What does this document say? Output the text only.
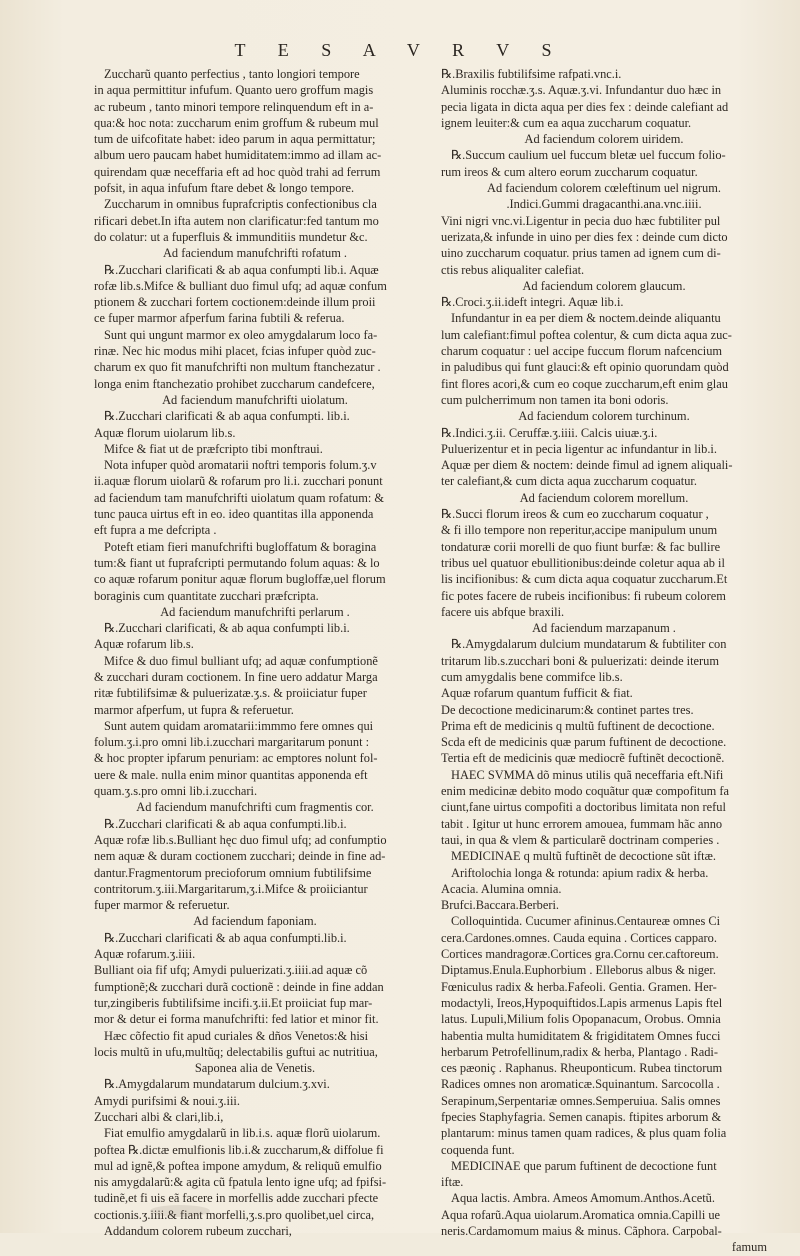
T E S A V R V S
Zuccharũ quanto perfectius , tanto longiori tempore
in aqua permittitur infufum. Quanto uero groffum magis
ac rubeum , tanto minori tempore relinquendum eft in a-
qua:& hoc nota: zuccharum enim groffum & rubeum mul
tum de uifcofitate habet: ideo parum in aqua permittatur;
album uero paucam habet humiditatem:immo ad illam ac-
quirendam quæ neceffaria eft ad hoc quòd trahi ad ferrum
pofsit, in aqua infufum ftare debet & longo tempore.
Zuccharum in omnibus fuprafcriptis confectionibus cla
rificari debet.In ifta autem non clarificatur:fed tantum mo
do colatur: ut a fuperfluis & immunditiis mundetur &c.
Ad faciendum manufchrifti rofatum .
℞.Zucchari clarificati & ab aqua confumpti lib.i. Aquæ
rofæ lib.s.Mifce & bulliant duo fimul ufq; ad aquæ confum
ptionem & zucchari fortem coctionem:deinde illum proii
ce fuper marmor afperfum farina fubtili & referua.
Sunt qui ungunt marmor ex oleo amygdalarum loco fa-
rinæ. Nec hic modus mihi placet, fcias infuper quòd zuc-
charum ex quo fit manufchrifti non multum ftanchezatur .
longa enim ftanchezatio prohibet zuccharum candefcere,
Ad faciendum manufchrifti uiolatum.
℞.Zucchari clarificati & ab aqua confumpti. lib.i.
Aquæ florum uiolarum lib.s.
Mifce & fiat ut de præfcripto tibi monftraui.
Nota infuper quòd aromatarii noftri temporis folum.ʒ.v
ii.aquæ florum uiolarũ & rofarum pro li.i. zucchari ponunt
ad faciendum tam manufchrifti uiolatum quam rofatum: &
tunc pauca uirtus eft in eo. ideo quantitas illa apponenda
eft fupra a me defcripta .
Poteft etiam fieri manufchrifti bugloffatum & boragina
tum:& fiant ut fuprafcripti permutando folum aquas: & lo
co aquæ rofarum ponitur aquæ florum bugloffæ,uel florum
boraginis cum quantitate zucchari præfcripta.
Ad faciendum manufchrifti perlarum .
℞.Zucchari clarificati, & ab aqua confumpti lib.i.
Aquæ rofarum lib.s.
Mifce & duo fimul bulliant ufq; ad aquæ confumptionẽ
& zucchari duram coctionem. In fine uero addatur Marga
ritæ fubtilifsimæ & puluerizatæ.ʒ.s. & proiiciatur fuper
marmor afperfum, ut fupra & referuetur.
Sunt autem quidam aromatarii:immmo fere omnes qui
folum.ʒ.i.pro omni lib.i.zucchari margaritarum ponunt :
& hoc propter ipfarum penuriam: ac emptores nolunt fol-
uere & male. nulla enim minor quantitas apponenda eft
quam.ʒ.s.pro omni lib.i.zucchari.
Ad faciendum manufchrifti cum fragmentis cor.
℞.Zucchari clarificati & ab aqua confumpti.lib.i.
Aquæ rofæ lib.s.Bulliant hęc duo fimul ufq; ad confumptio
nem aquæ & duram coctionem zucchari; deinde in fine ad-
dantur.Fragmentorum precioforum omnium fubtilifsime
contritorum.ʒ.iii.Margaritarum,ʒ.i.Mifce & proiiciantur
fuper marmor & referuetur.
Ad faciendum faponiam.
℞.Zucchari clarificati & ab aqua confumpti.lib.i.
Aquæ rofarum.ʒ.iiii.
Bulliant oia fif ufq; Amydi puluerizati.ʒ.iiii.ad aquæ cõ
fumptionẽ;& zucchari durã coctionẽ : deinde in fine addan
tur,zingiberis fubtilifsime incifi.ʒ.ii.Et proiiciat fup mar-
mor & detur ei forma manufchrifti: fed latior et minor fit.
Hæc cõfectio fit apud curiales & dños Venetos:& hisi
locis multũ in ufu,multũq; delectabilis guftui ac nutritiua,
Saponea alia de Venetis.
℞.Amygdalarum mundatarum dulcium.ʒ.xvi.
Amydi purifsimi & noui.ʒ.iii.
Zucchari albi & clari,lib.i,
Fiat emulfio amygdalarũ in lib.i.s. aquæ florũ uiolarum.
poftea ℞.dictæ emulfionis lib.i.& zuccharum,& diffolue fi
mul ad ignẽ,& poftea impone amydum, & reliquũ emulfio
nis amygdalarũ:& agita cũ fpatula lento igne ufq; ad fpifsi-
tudinẽ,et fi uis eã facere in morfellis adde zucchari pfecte
coctionis.ʒ.iiii.& fiant morfelli,ʒ.s.pro quolibet,uel circa,
Addandum colorem rubeum zucchari,
℞.Braxilis fubtilifsime rafpati.vnc.i.
Aluminis rocchæ.ʒ.s. Aquæ.ʒ.vi. Infundantur duo hæc in
pecia ligata in dicta aqua per dies fex : deinde calefiant ad
ignem leuiter:& cum ea aqua zuccharum coquatur.
Ad faciendum colorem uiridem.
℞.Succum caulium uel fuccum bletæ uel fuccum folio-
rum ireos & cum altero eorum zuccharum coquatur.
Ad faciendum colorem cœleftinum uel nigrum.
.Indici.Gummi dragacanthi.ana.vnc.iiii.
Vini nigri vnc.vi.Ligentur in pecia duo hæc fubtiliter pul
uerizata,& infunde in uino per dies fex : deinde cum dicto
uino zuccharum coquatur. prius tamen ad ignem cum di-
ctis rebus aliqualiter calefiat.
Ad faciendum colorem glaucum.
℞.Croci.ʒ.ii.ideft integri. Aquæ lib.i.
Infundantur in ea per diem & noctem.deinde aliquantu
lum calefiant:fimul poftea colentur, & cum dicta aqua zuc-
charum coquatur : uel accipe fuccum florum nafcencium
in paludibus qui funt glauci:& eft opinio quorundam quòd
fint flores acori,& cum eo coque zuccharum,eft enim glau
cum pulcherrimum non tamen ita boni odoris.
Ad faciendum colorem turchinum.
℞.Indici.ʒ.ii. Ceruffæ.ʒ.iiii. Calcis uiuæ.ʒ.i.
Puluerizentur et in pecia ligentur ac infundantur in lib.i.
Aquæ per diem & noctem: deinde fimul ad ignem aliquali-
ter calefiant,& cum dicta aqua zuccharum coquatur.
Ad faciendum colorem morellum.
℞.Succi florum ireos & cum eo zuccharum coquatur ,
& fi illo tempore non reperitur,accipe manipulum unum
tondaturæ corii morelli de quo fiunt burfæ: & fac bullire
tribus uel quatuor ebullitionibus:deinde coletur aqua ab il
lis incifionibus: & cum dicta aqua coquatur zuccharum.Et
fic potes facere de rubeis incifionibus: fi rubeum colorem
facere uis abfque braxili.
Ad faciendum marzapanum .
℞.Amygdalarum dulcium mundatarum & fubtiliter con
tritarum lib.s.zucchari boni & puluerizati: deinde iterum
cum amygdalis bene commifce lib.s.
Aquæ rofarum quantum fufficit & fiat.
De decoctione medicinarum:& continet partes tres.
Prima eft de medicinis q multũ fuftinent de decoctione.
Scda eft de medicinis quæ parum fuftinent de decoctione.
Tertia eft de medicinis quæ mediocrẽ fuftinẽt decoctionẽ.
HAEC SVMMA dõ minus utilis quã neceffaria eft.Nifi
enim medicinæ debito modo coquãtur quæ compofitum fa
ciunt,fane uirtus compofiti a doctoribus limitata non reful
tabit . Igitur ut hunc errorem amouea, fummam hãc anno
taui, in qua & vlem & particularẽ doctrinam comperies .
MEDICINAE q multũ fuftinẽt de decoctione sũt iftæ.
Ariftolochia longa & rotunda: apium radix & herba.
Acacia. Alumina omnia.
Brufci.Baccara.Berberi.
Colloquintida. Cucumer afininus.Centaureæ omnes Ci
cera.Cardones.omnes. Cauda equina . Cortices capparo.
Cortices mandragoræ.Cortices gra.Cornu cer.caftoreum.
Diptamus.Enula.Euphorbium . Elleborus albus & niger.
Fœniculus radix & herba.Fafeoli. Gentia. Gramen. Her-
modactyli, Ireos,Hypoquiftidos.Lapis armenus Lapis ftel
latus. Lupuli,Milium folis Opopanacum, Orobus. Omnia
habentia multa humiditatem & frigiditatem Omnes fucci
herbarum Petrofellinum,radix & herba, Plantago . Radi-
ces pæoniç . Raphanus. Rheuponticum. Rubea tinctorum
Radices omnes non aromaticæ.Squinantum. Sarcocolla .
Serapinum,Serpentariæ omnes.Semperuiua. Salis omnes
fpecies Staphyfagria. Semen canapis. ftipites arborum &
plantarum: minus tamen quam radices, & plus quam folia
coquenda funt.
MEDICINAE que parum fuftinent de decoctione funt
iftæ.
Aqua lactis. Ambra. Ameos Amomum.Anthos.Acetũ.
Aqua rofarũ.Aqua uiolarum.Aromatica omnia.Capilli ue
neris.Cardamomum maius & minus. Cãphora. Carpobal-
famum
